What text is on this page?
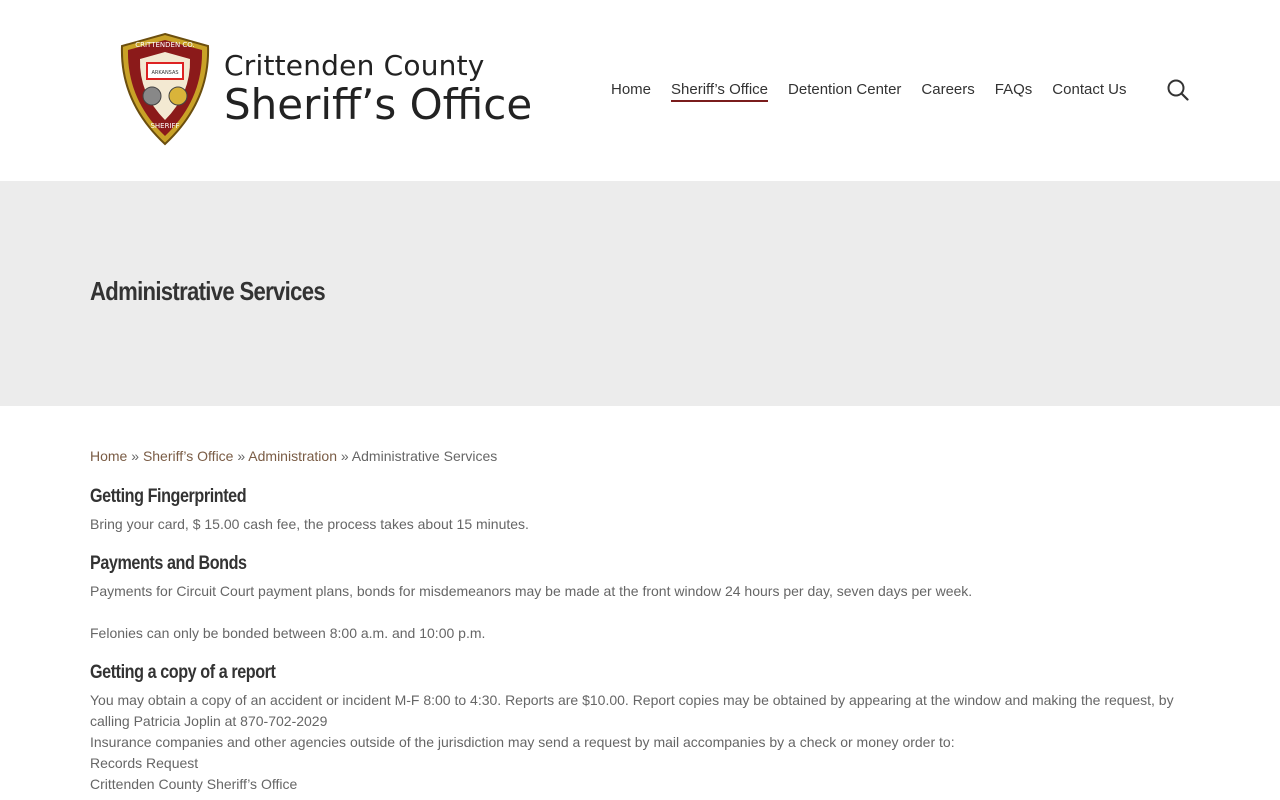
CRITTENDEN CO.
ARKANSAS
SHERIFF
Crittenden County
Sheriff’s Office	Home Sheriff’s Office Detention Center Careers FAQs Contact Us
Administrative Services
Home » Sheriff’s Office » Administration » Administrative Services
Getting Fingerprinted

Bring your card, $ 15.00 cash fee, the process takes about 15 minutes.

Payments and Bonds

Payments for Circuit Court payment plans, bonds for misdemeanors may be made at the front window 24 hours per day, seven days per week.

Felonies can only be bonded between 8:00 a.m. and 10:00 p.m.

Getting a copy of a report

You may obtain a copy of an accident or incident M-F 8:00 to 4:30. Reports are $10.00. Report copies may be obtained by appearing at the window and making the request, by calling Patricia Joplin at 870-702-2029

Insurance companies and other agencies outside of the jurisdiction may send a request by mail accompanies by a check or money order to:

Records Request

Crittenden County Sheriff’s Office
